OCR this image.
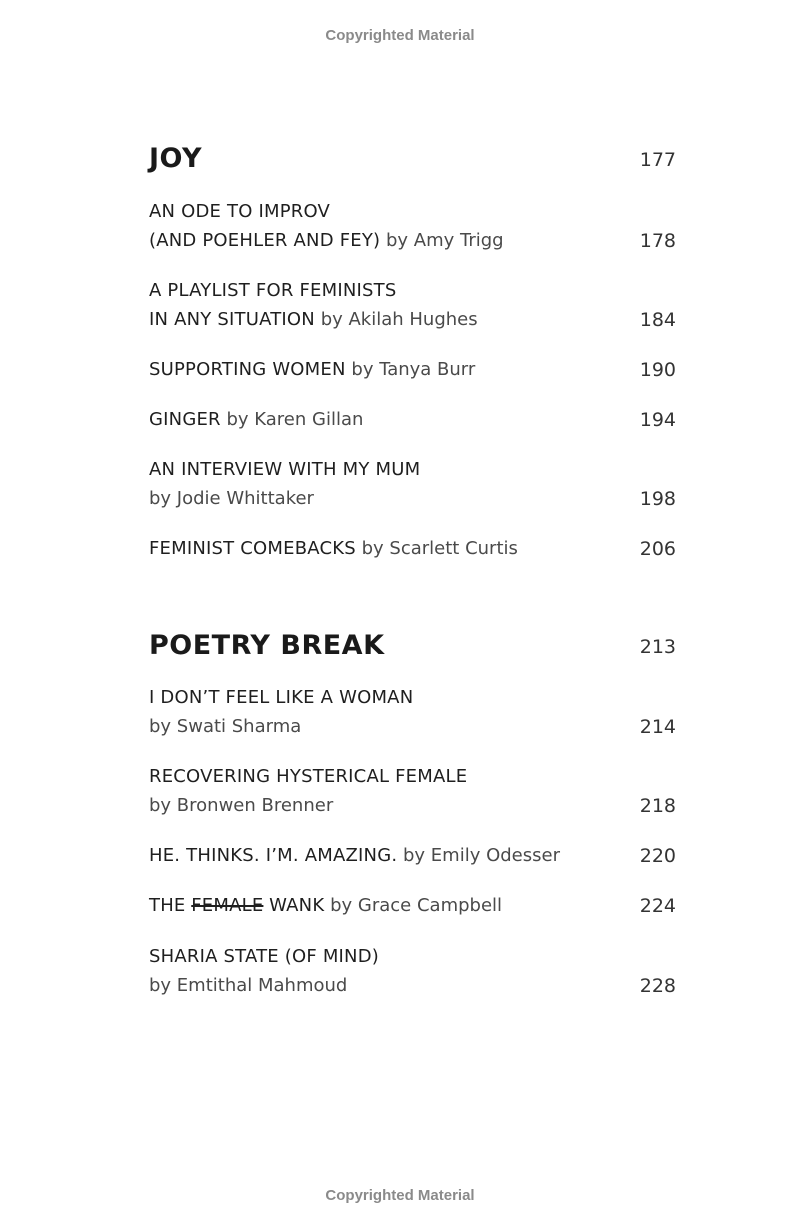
Copyrighted Material
JOY	177
AN ODE TO IMPROV
(AND POEHLER AND FEY) by Amy Trigg	178
A PLAYLIST FOR FEMINISTS
IN ANY SITUATION by Akilah Hughes	184
SUPPORTING WOMEN by Tanya Burr	190
GINGER by Karen Gillan	194
AN INTERVIEW WITH MY MUM
by Jodie Whittaker	198
FEMINIST COMEBACKS by Scarlett Curtis	206
POETRY BREAK	213
I DON’T FEEL LIKE A WOMAN
by Swati Sharma	214
RECOVERING HYSTERICAL FEMALE
by Bronwen Brenner	218
HE. THINKS. I’M. AMAZING. by Emily Odesser	220
THE FEMALE WANK by Grace Campbell	224
SHARIA STATE (OF MIND)
by Emtithal Mahmoud	228
Copyrighted Material
